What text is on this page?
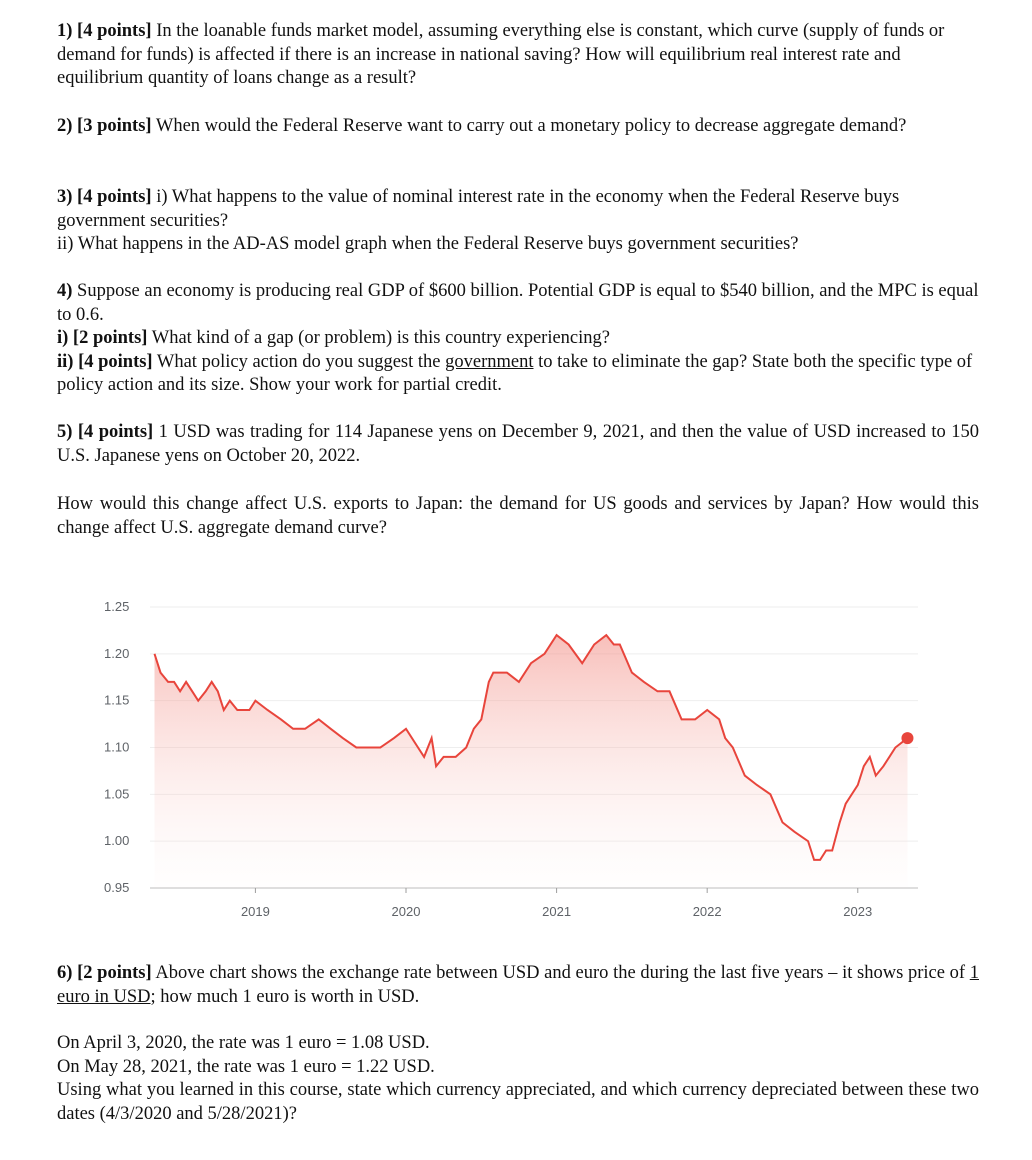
1) [4 points] In the loanable funds market model, assuming everything else is constant, which curve (supply of funds or demand for funds) is affected if there is an increase in national saving? How will equilibrium real interest rate and equilibrium quantity of loans change as a result?

2) [3 points] When would the Federal Reserve want to carry out a monetary policy to decrease aggregate demand?

3) [4 points] i) What happens to the value of nominal interest rate in the economy when the Federal Reserve buys government securities?
ii) What happens in the AD-AS model graph when the Federal Reserve buys government securities?
4) Suppose an economy is producing real GDP of $600 billion. Potential GDP is equal to $540 billion, and the MPC is equal to 0.6.
i) [2 points] What kind of a gap (or problem) is this country experiencing?
ii) [4 points] What policy action do you suggest the government to take to eliminate the gap? State both the specific type of policy action and its size. Show your work for partial credit.
5) [4 points] 1 USD was trading for 114 Japanese yens on December 9, 2021, and then the value of USD increased to 150 U.S. Japanese yens on October 20, 2022.

How would this change affect U.S. exports to Japan: the demand for US goods and services by Japan? How would this change affect U.S. aggregate demand curve?

1.25
1.20
1.15
1.10
1.05
1.00
0.95
2019	2020	2021	2022	2023
6) [2 points] Above chart shows the exchange rate between USD and euro the during the last five years – it shows price of 1 euro in USD; how much 1 euro is worth in USD.
On April 3, 2020, the rate was 1 euro = 1.08 USD.
On May 28, 2021, the rate was 1 euro = 1.22 USD.
Using what you learned in this course, state which currency appreciated, and which currency depreciated between these two dates (4/3/2020 and 5/28/2021)?
